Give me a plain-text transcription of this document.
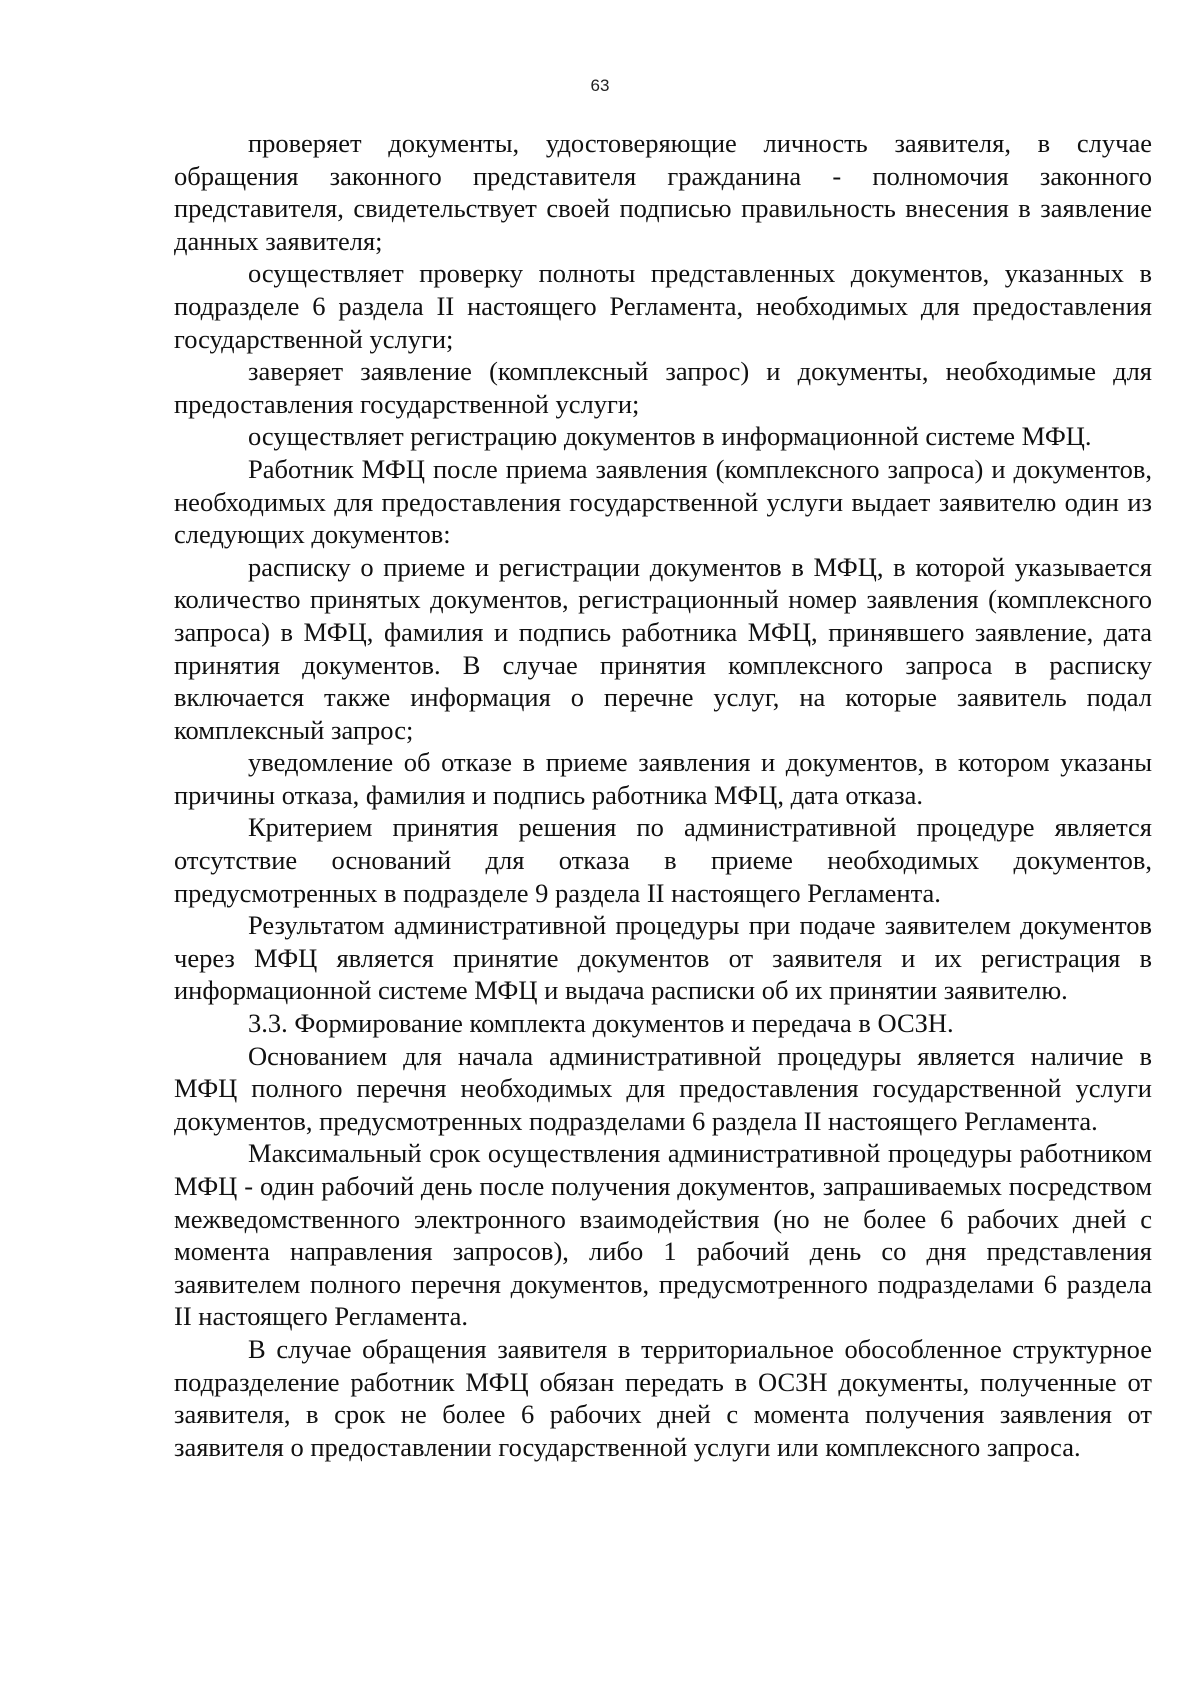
63

проверяет документы, удостоверяющие личность заявителя, в случае обращения законного представителя гражданина - полномочия законного представителя, свидетельствует своей подписью правильность внесения в заявление данных заявителя;

осуществляет проверку полноты представленных документов, указанных в подразделе 6 раздела II настоящего Регламента, необходимых для предоставления государственной услуги;

заверяет заявление (комплексный запрос) и документы, необходимые для предоставления государственной услуги;

осуществляет регистрацию документов в информационной системе МФЦ.

Работник МФЦ после приема заявления (комплексного запроса) и документов, необходимых для предоставления государственной услуги выдает заявителю один из следующих документов:

расписку о приеме и регистрации документов в МФЦ, в которой указывается количество принятых документов, регистрационный номер заявления (комплексного запроса) в МФЦ, фамилия и подпись работника МФЦ, принявшего заявление, дата принятия документов. В случае принятия комплексного запроса в расписку включается также информация о перечне услуг, на которые заявитель подал комплексный запрос;

уведомление об отказе в приеме заявления и документов, в котором указаны причины отказа, фамилия и подпись работника МФЦ, дата отказа.

Критерием принятия решения по административной процедуре является отсутствие оснований для отказа в приеме необходимых документов, предусмотренных в подразделе 9 раздела II настоящего Регламента.

Результатом административной процедуры при подаче заявителем документов через МФЦ является принятие документов от заявителя и их регистрация в информационной системе МФЦ и выдача расписки об их принятии заявителю.

3.3. Формирование комплекта документов и передача в ОСЗН.

Основанием для начала административной процедуры является наличие в МФЦ полного перечня необходимых для предоставления государственной услуги документов, предусмотренных подразделами 6 раздела II настоящего Регламента.

Максимальный срок осуществления административной процедуры работником МФЦ - один рабочий день после получения документов, запрашиваемых посредством межведомственного электронного взаимодействия (но не более 6 рабочих дней с момента направления запросов), либо 1 рабочий день со дня представления заявителем полного перечня документов, предусмотренного подразделами 6 раздела II настоящего Регламента.

В случае обращения заявителя в территориальное обособленное структурное подразделение работник МФЦ обязан передать в ОСЗН документы, полученные от заявителя, в срок не более 6 рабочих дней с момента получения заявления от заявителя о предоставлении государственной услуги или комплексного запроса.
